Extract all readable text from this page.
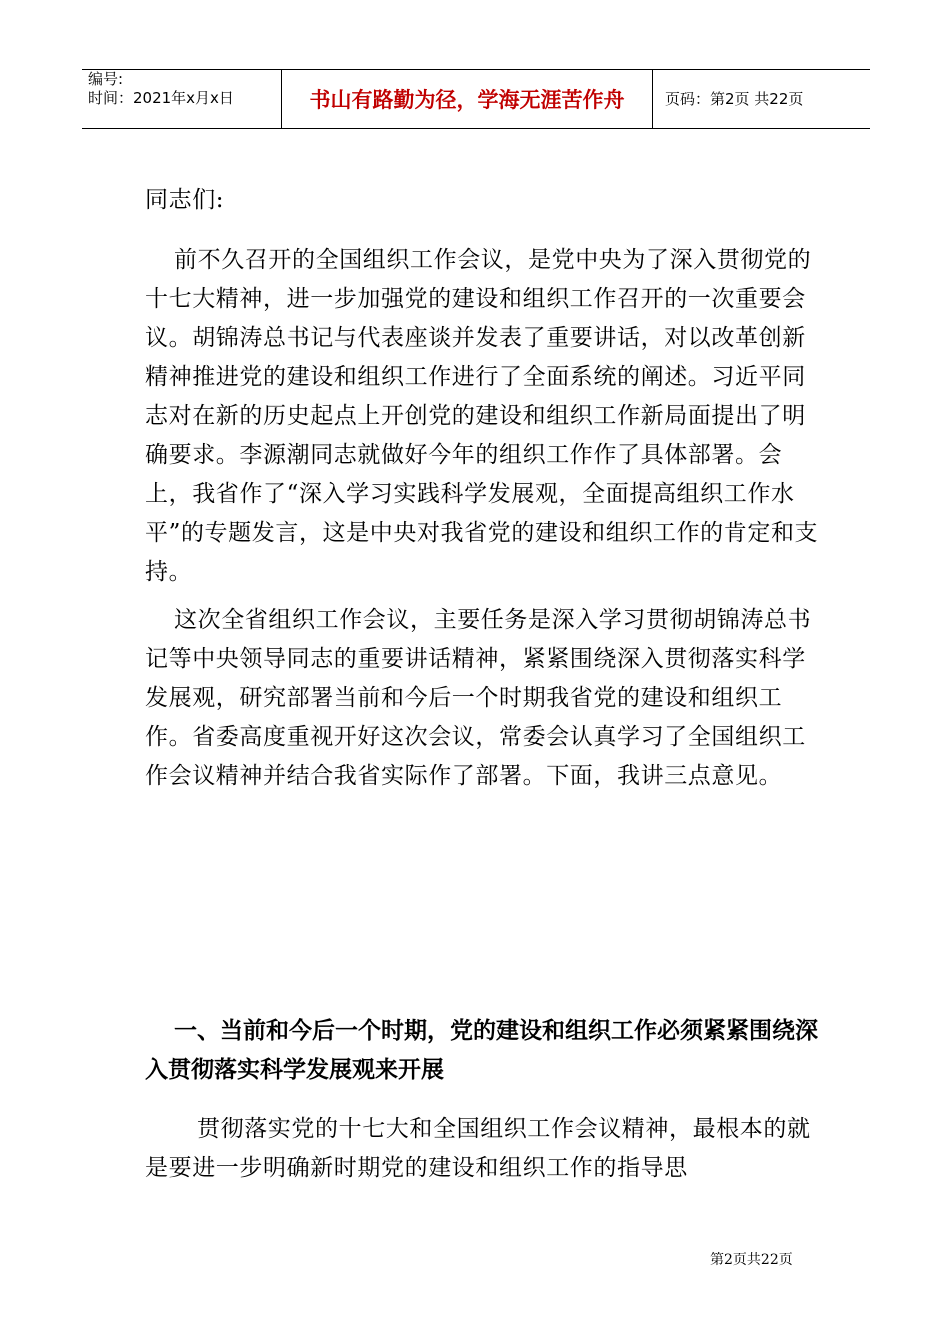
编号:
时间：2021年x月x日	书山有路勤为径，学海无涯苦作舟	页码：第2页 共22页

同志们:

前不久召开的全国组织工作会议，是党中央为了深入贯彻党的十七大精神，进一步加强党的建设和组织工作召开的一次重要会议。胡锦涛总书记与代表座谈并发表了重要讲话，对以改革创新精神推进党的建设和组织工作进行了全面系统的阐述。习近平同志对在新的历史起点上开创党的建设和组织工作新局面提出了明确要求。李源潮同志就做好今年的组织工作作了具体部署。会上，我省作了“深入学习实践科学发展观，全面提高组织工作水平”的专题发言，这是中央对我省党的建设和组织工作的肯定和支持。

这次全省组织工作会议，主要任务是深入学习贯彻胡锦涛总书记等中央领导同志的重要讲话精神，紧紧围绕深入贯彻落实科学发展观，研究部署当前和今后一个时期我省党的建设和组织工作。省委高度重视开好这次会议，常委会认真学习了全国组织工作会议精神并结合我省实际作了部署。下面，我讲三点意见。

一、当前和今后一个时期，党的建设和组织工作必须紧紧围绕深入贯彻落实科学发展观来开展

贯彻落实党的十七大和全国组织工作会议精神，最根本的就是要进一步明确新时期党的建设和组织工作的指导思

第2页共22页
